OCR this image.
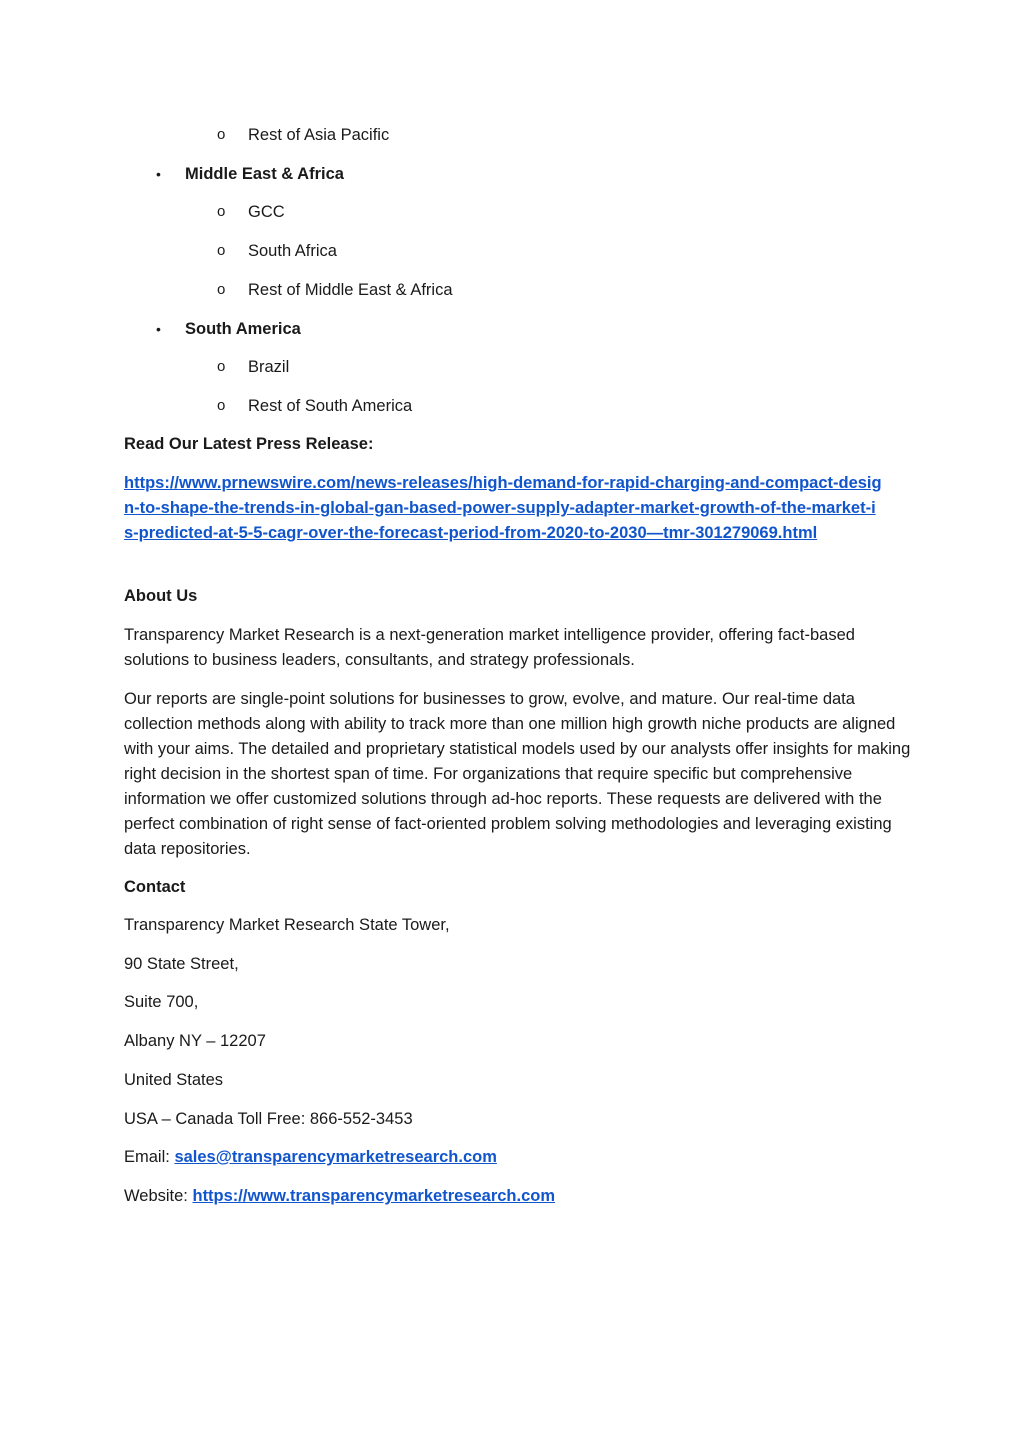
o Rest of Asia Pacific
• Middle East & Africa
o GCC
o South Africa
o Rest of Middle East & Africa
• South America
o Brazil
o Rest of South America
Read Our Latest Press Release:
https://www.prnewswire.com/news-releases/high-demand-for-rapid-charging-and-compact-design-to-shape-the-trends-in-global-gan-based-power-supply-adapter-market-growth-of-the-market-is-predicted-at-5-5-cagr-over-the-forecast-period-from-2020-to-2030—tmr-301279069.html
About Us
Transparency Market Research is a next-generation market intelligence provider, offering fact-based solutions to business leaders, consultants, and strategy professionals.
Our reports are single-point solutions for businesses to grow, evolve, and mature. Our real-time data collection methods along with ability to track more than one million high growth niche products are aligned with your aims. The detailed and proprietary statistical models used by our analysts offer insights for making right decision in the shortest span of time. For organizations that require specific but comprehensive information we offer customized solutions through ad-hoc reports. These requests are delivered with the perfect combination of right sense of fact-oriented problem solving methodologies and leveraging existing data repositories.
Contact
Transparency Market Research State Tower,
90 State Street,
Suite 700,
Albany NY – 12207
United States
USA – Canada Toll Free: 866-552-3453
Email: sales@transparencymarketresearch.com
Website: https://www.transparencymarketresearch.com
